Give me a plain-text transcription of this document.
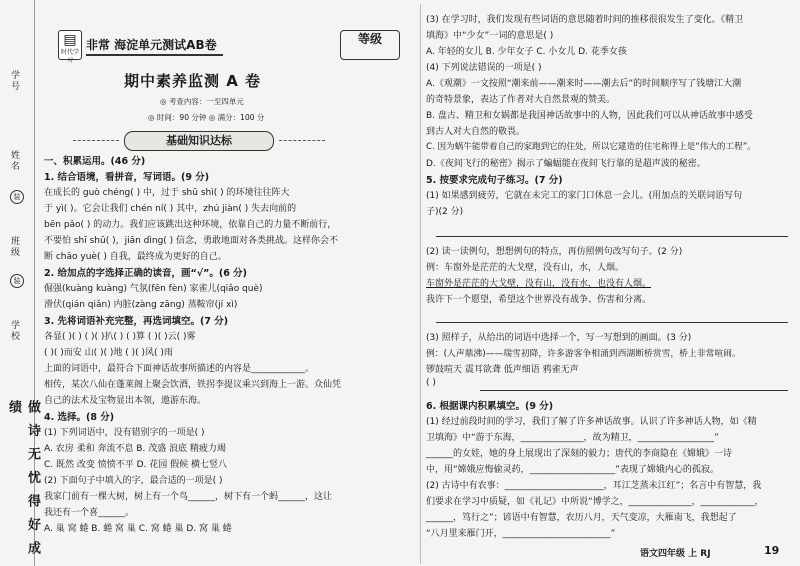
学号
姓名
装
班级
装
学校
做 诗 无 忧 得 好 成 绩
▤
时代学习
非常 海淀单元测试AB卷	等级
期中素养监测 A 卷
◎ 考查内容：一至四单元
◎ 时间：90 分钟 ◎ 满分：100 分
基础知识达标
一、积累运用。(46 分)
1. 结合语境，看拼音，写词语。(9 分)
在成长的 guò chéng( ) 中，过于 shū shì( ) 的环境往往阵大
于 yì( )。它会让我们 chén ní( ) 其中，zhú jiàn( ) 失去向前的
bēn pǎo( ) 的动力。我们应该跳出这种环境，依靠自己的力量不断前行，
不要怕 shī shū( )，jiān dìng( ) 信念，勇敢地面对各类挑战。这样你会不
断 chāo yuè( ) 自我，最终成为更好的自己。
2. 给加点的字选择正确的读音，画“√”。(6 分)
倔强(kuàng kuàng) 气氛(fēn fèn) 家雀儿(qiǎo què)
滑伏(qián qiǎn) 内脏(zàng zāng) 蒸鞍帘(jí xì)
3. 先将词语补充完整，再选词填空。(7 分)
各显( )( ) ( )( )扒( ) ( )算 ( )( )云( )雾
( )( )而安 山( )( )地 ( )( )风( )雨
上面的词语中，最符合下面神话故事所描述的内容是____________。
相传，某次八仙在蓬莱阁上聚会饮酒，铁拐李提议乘兴到海上一游。众仙凭
自己的法术及宝物显出本领，遨游东海。
4. 选择。(8 分)
(1) 下列词语中，没有错别字的一项是( )
A. 农房 柔和 奔流不息 B. 茂盛 浪底 精疲力竭
C. 既然 改变 愤愤不平 D. 花园 假候 横七竖八
(2) 下面句子中填入的字，最合适的一项是( )
我家门前有一棵大树，树上有一个鸟______，树下有一个蚂______，这让
我还有一个喜______。
A. 巢 窝 蜷 B. 蜷 窝 巢 C. 窝 蜷 巢 D. 窝 巢 蜷
(3) 在学习时，我们发现有些词语的意思随着时间的推移很很发生了变化。《精卫
填海》中“少女”一词的意思是( )
A. 年轻的女儿 B. 少年女子 C. 小女儿 D. 花季女孩
(4) 下列说法错误的一项是( )
A.《观潮》一文按照“潮来前——潮来时——潮去后”的时间顺序写了钱塘江大潮
的奇特景象，表达了作者对大自然景观的赞美。
B. 盘古、精卫和女娲都是我国神话故事中的人物，因此我们可以从神话故事中感受
到古人对大自然的敬畏。
C. 因为蜗牛能带着自己的家跑到它的住处，所以它建造的住宅称得上是“伟大的工程”。
D.《夜间飞行的秘密》揭示了蝙蝠能在夜间飞行靠的是超声波的秘密。
5. 按要求完成句子练习。(7 分)
(1) 如果感到疲劳，它就在未完工的家门口休息一会儿。(用加点的关联词语写句
子)(2 分)
(2) 读一读例句，想想例句的特点，再仿照例句改写句子。(2 分)
例：车窗外是茫茫的大戈壁，没有山，水，人烟。
车窗外是茫茫的大戈壁，没有山，没有水，也没有人烟。
我许下一个愿望，希望这个世界没有战争、伤害和分离。
(3) 照样子，从给出的词语中选择一个，写一写想到的画面。(3 分)
例：(人声鼎沸)——瑞雪初降，许多游客争相涌到西湖断桥赏雪，桥上非常喧闹。
锣鼓喧天 震耳欲聋 低声细语 鸦雀无声
( )
6. 根据课内积累填空。(9 分)
(1) 经过前段时间的学习，我们了解了许多神话故事。认识了许多神话人物，如《精
卫填海》中“游于东海，______________，故为精卫，_________________”
______的女娃，她的身上展现出了深刻的毅力；唐代的李商隐在《嫦娥》一诗
中，用“嫦娥应悔偷灵药，___________________”表现了嫦娥内心的孤寂。
(2) 古诗中有农事：______________________，耳江芝蒸未江红”；名言中有智慧，我
们要求在学习中质疑，如《礼记》中所说“博学之，______________，____________，
______，笃行之”；谚语中有智慧，农历八月，天气变凉，大雁南飞，我想起了
“八月里来雁门开，________________________”
语文四年级 上 RJ	19
